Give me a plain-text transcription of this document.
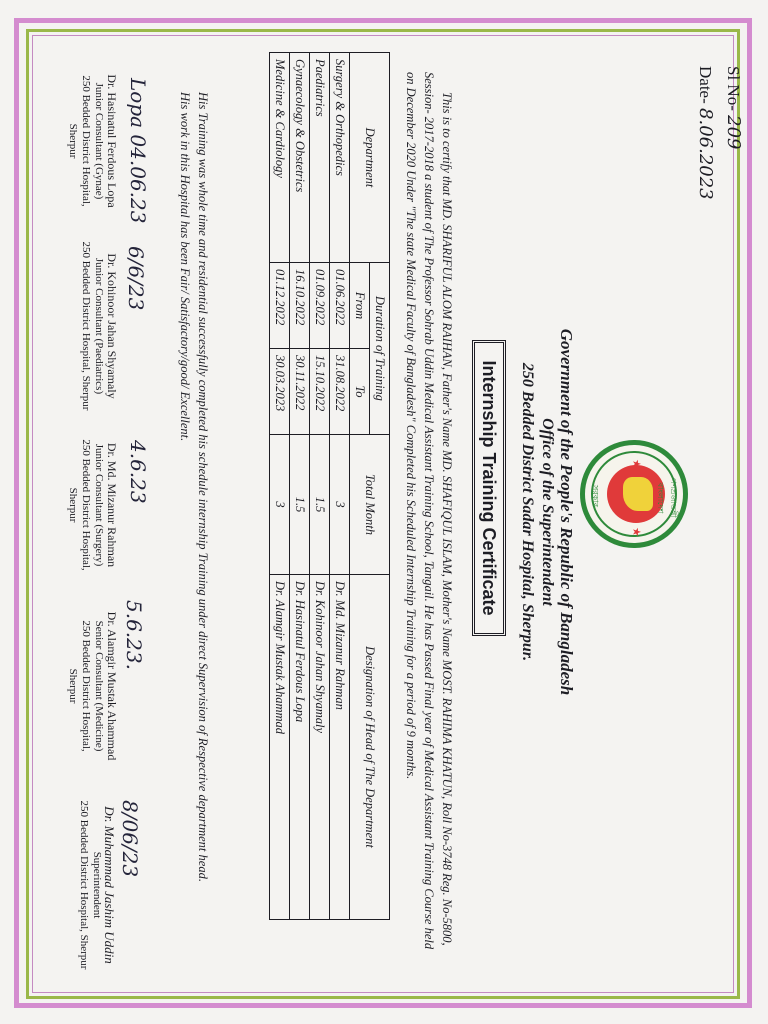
Sl No- 209
Date- 8.06.2023
★
★
গণপ্রজাতন্ত্রী বাংলাদেশ
সরকার
Government of the People's Republic of Bangladesh
Office of the Superintendent
250 Bedded District Sadar Hospital, Sherpur.
Internship Training Certificate
This is to certify that MD. SHARIFUL ALOM RAIHAN, Father's Name MD. SHAFIQUL ISLAM, Mother's Name MOST. RAHIMA KHATUN, Roll No-3748 Reg. No-5800, Session- 2017-2018 a student of The Professor Sohrab Uddin Medical Assistant Training School, Tangail. He has Passed Final year of Medical Assistant Training Course held on December 2020 Under "The state Medical Faculty of Bangladesh" Completed his Scheduled Internship Training for a period of 9 months.
Department	Duration of Training		Total Month	Designation of Head of The Department
	From	To		
Surgery & Orthopedics	01.06.2022	31.08.2022	3	Dr. Md. Mizanur Rahman
Paediatrics	01.09.2022	15.10.2022	1.5	Dr. Kohinoor Jahan Shyamaly
Gynaecology & Obstetrics	16.10.2022	30.11.2022	1.5	Dr. Hasinatul Ferdous Lopa
Medicine & Cardiology	01.12.2022	30.03.2023	3	Dr. Alamgir Mustak Ahammad
His Training was whole time and residential successfully completed his schedule internship Training under direct Supervision of Respective department head.
His work in this Hospital has been Fair/ Satisfactory/good/ Excellent.
Lopa 04.06.23
6/6/23
4.6.23
5.6.23.
8/06/23
Dr. Hasinatul Ferdous Lopa
Junior Consultant (Gynae)
250 Bedded District Hospital,
Sherpur
Dr. Kohinoor Jahan Shyamaly
Junior Consultant (Paediatrics)
250 Bedded District Hospital, Sherpur
Dr. Md. Mizanur Rahman
Junior Consultant (Surgery)
250 Bedded District Hospital,
Sherpur
Dr. Alamgir Mustak Ahammad
Senior Consultant (Medicine)
250 Bedded District Hospital,
Sherpur
Dr. Muhammad Jashim Uddin
Superintendent
250 Bedded District Hospital, Sherpur
